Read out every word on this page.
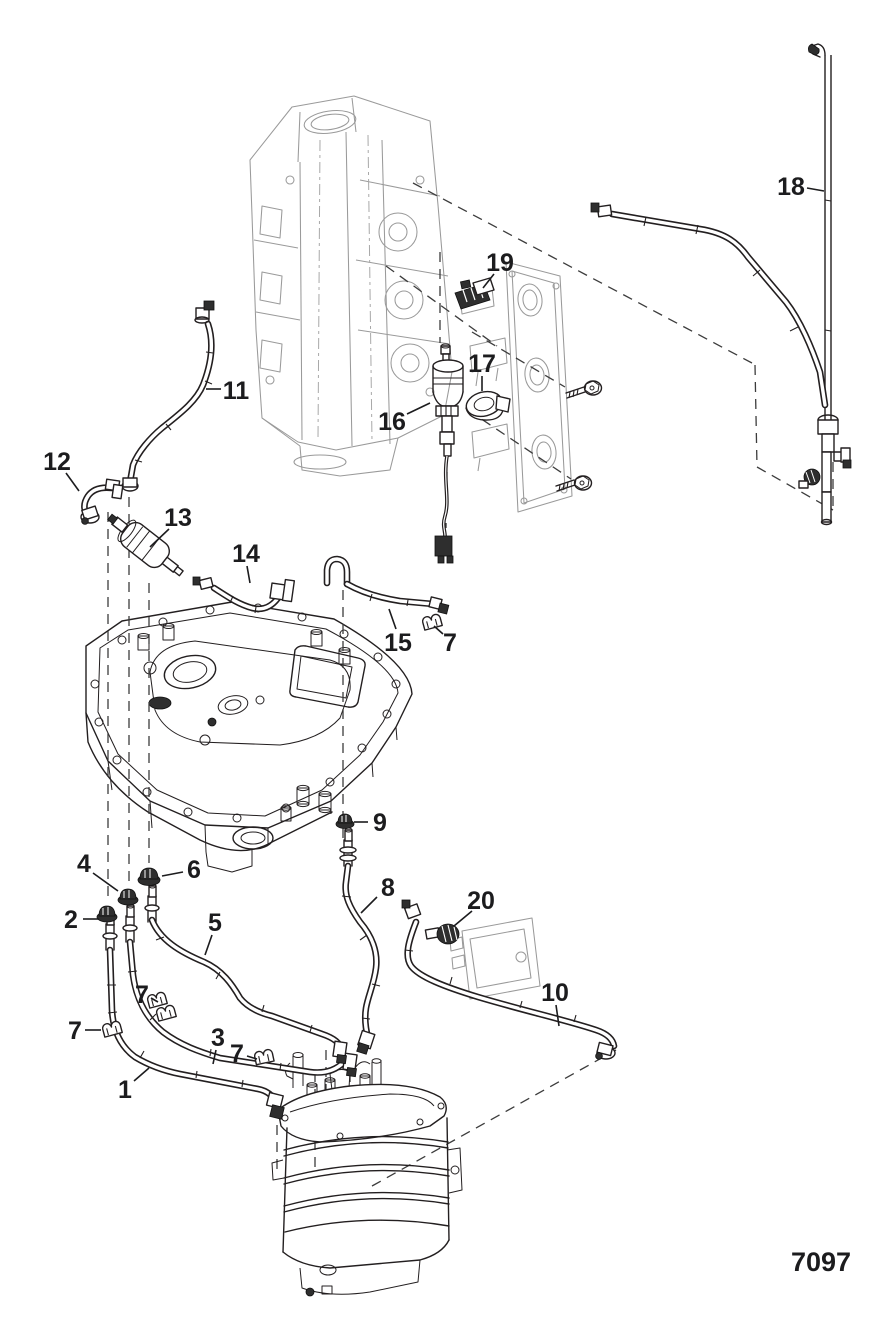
1
2
3
4
5
6
7
7
7
7
8
9
10
11
12
13
14
15
16
17
18
19
20
7097
